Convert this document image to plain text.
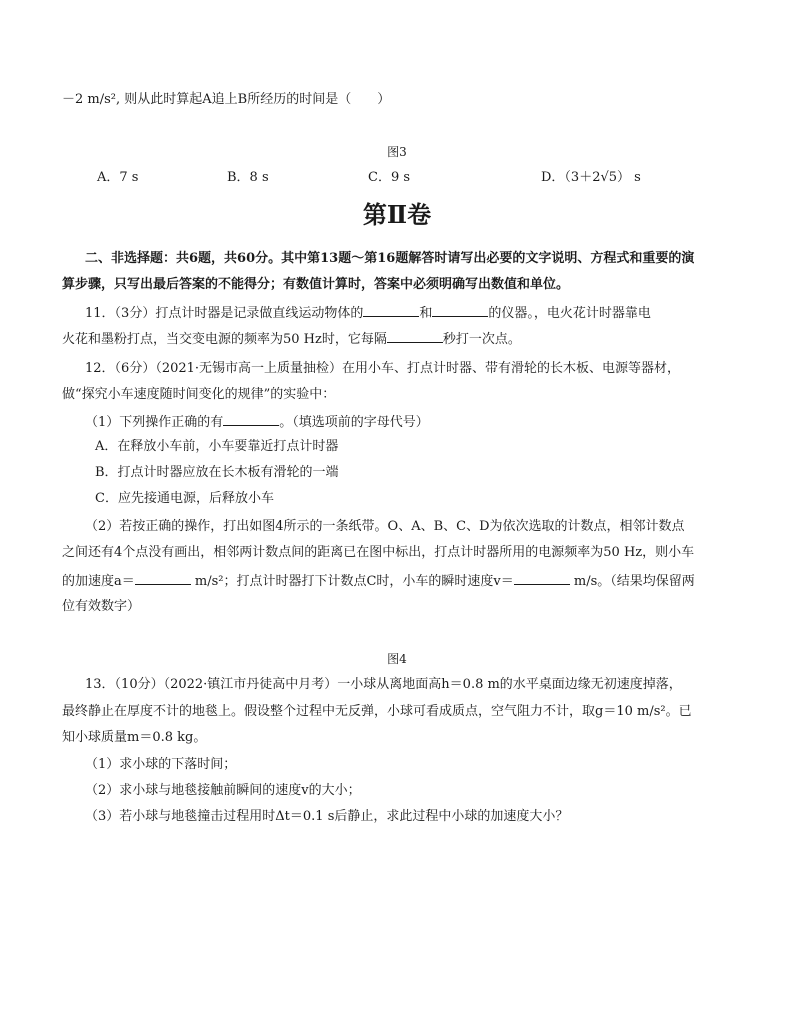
－2 m/s², 则从此时算起A追上B所经历的时间是（　　）
图3
A．7 s	B．8 s	C．9 s	D．（3＋2√5） s
第Ⅱ卷
二、非选择题：共6题，共60分。其中第13题～第16题解答时请写出必要的文字说明、方程式和重要的演
算步骤，只写出最后答案的不能得分；有数值计算时，答案中必须明确写出数值和单位。
11．（3分）打点计时器是记录做直线运动物体的	和	的仪器。，电火花计时器靠电
火花和墨粉打点，当交变电源的频率为50 Hz时，它每隔	秒打一次点。
12．（6分）（2021·无锡市高一上质量抽检）在用小车、打点计时器、带有滑轮的长木板、电源等器材，
做“探究小车速度随时间变化的规律”的实验中：
（1）下列操作正确的有	。（填选项前的字母代号）
A．在释放小车前，小车要靠近打点计时器
B．打点计时器应放在长木板有滑轮的一端
C．应先接通电源，后释放小车
（2）若按正确的操作，打出如图4所示的一条纸带。O、A、B、C、D为依次选取的计数点，相邻计数点
之间还有4个点没有画出，相邻两计数点间的距离已在图中标出，打点计时器所用的电源频率为50 Hz，则小车
的加速度a＝	m/s²；打点计时器打下计数点C时，小车的瞬时速度v＝	m/s。（结果均保留两
位有效数字）
图4
13．（10分）（2022·镇江市丹徒高中月考）一小球从离地面高h＝0.8 m的水平桌面边缘无初速度掉落，
最终静止在厚度不计的地毯上。假设整个过程中无反弹，小球可看成质点，空气阻力不计，取g＝10 m/s²。已
知小球质量m＝0.8 kg。
（1）求小球的下落时间；
（2）求小球与地毯接触前瞬间的速度v的大小；
（3）若小球与地毯撞击过程用时Δt＝0.1 s后静止，求此过程中小球的加速度大小？
